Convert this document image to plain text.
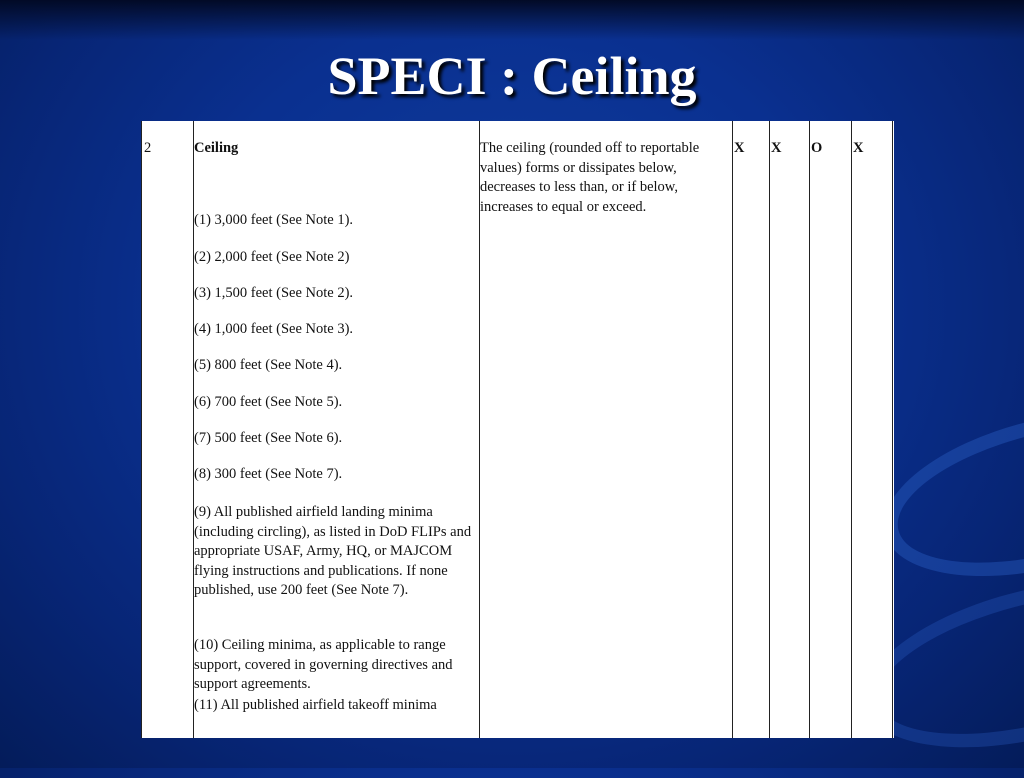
SPECI : Ceiling
2	Ceiling

(1) 3,000 feet (See Note 1).

(2) 2,000 feet (See Note 2)

(3) 1,500 feet (See Note 2).

(4) 1,000 feet (See Note 3).

(5) 800 feet (See Note 4).

(6) 700 feet (See Note 5).

(7) 500 feet (See Note 6).

(8) 300 feet (See Note 7).

(9) All published airfield landing minima (including circling), as listed in DoD FLIPs and appropriate USAF, Army, HQ, or MAJCOM flying instructions and publications. If none published, use 200 feet (See Note 7).

(10) Ceiling minima, as applicable to range support, covered in governing directives and support agreements.

(11) All published airfield takeoff minima

The ceiling (rounded off to reportable values) forms or dissipates below, decreases to less than, or if below, increases to equal or exceed.
X X O X
